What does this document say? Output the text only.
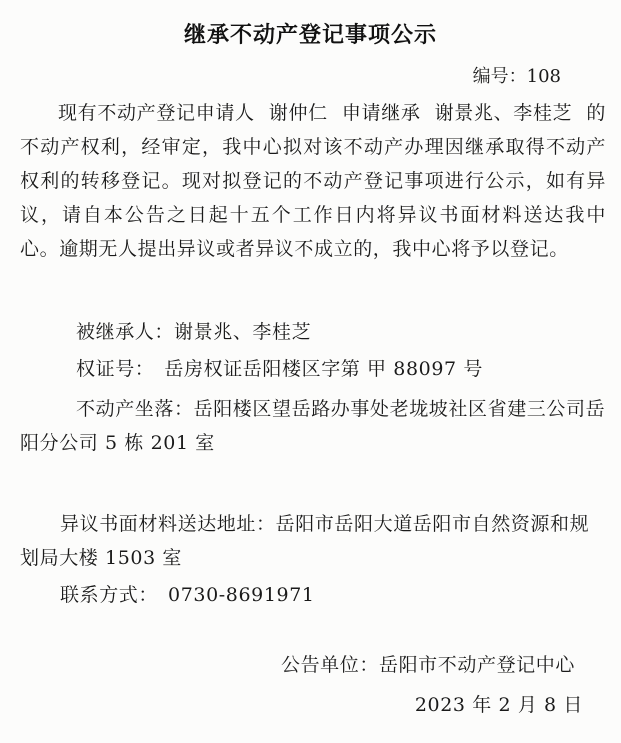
继承不动产登记事项公示
编号：108
现有不动产登记申请人 谢仲仁 申请继承 谢景兆、李桂芝 的不动产权利，经审定，我中心拟对该不动产办理因继承取得不动产权利的转移登记。现对拟登记的不动产登记事项进行公示，如有异议，请自本公告之日起十五个工作日内将异议书面材料送达我中心。逾期无人提出异议或者异议不成立的，我中心将予以登记。
被继承人：谢景兆、李桂芝
权证号： 岳房权证岳阳楼区字第 甲 88097 号
不动产坐落：岳阳楼区望岳路办事处老垅坡社区省建三公司岳阳分公司 5 栋 201 室
异议书面材料送达地址：岳阳市岳阳大道岳阳市自然资源和规划局大楼 1503 室
联系方式： 0730-8691971
公告单位：岳阳市不动产登记中心
2023 年 2 月 8 日
